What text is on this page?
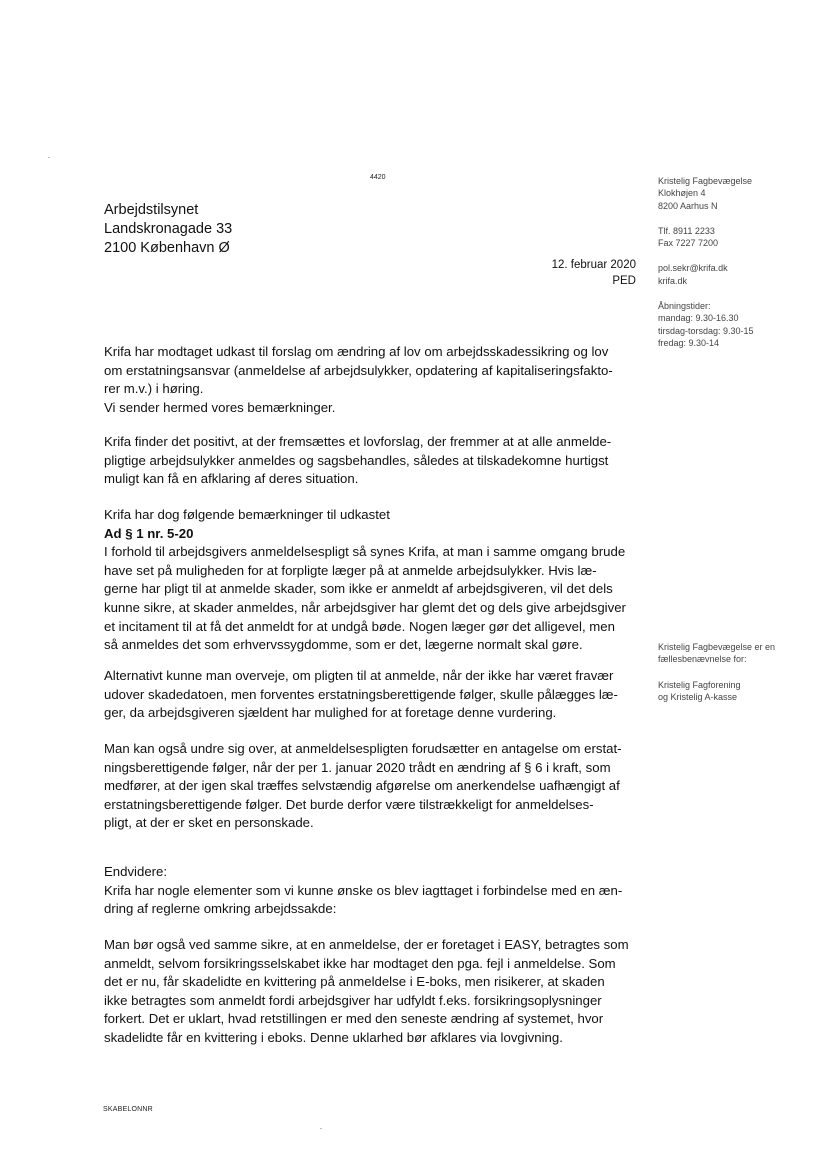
4420
Arbejdstilsynet
Landskronagade 33
2100 København Ø
12. februar 2020
PED
Kristelig Fagbevægelse
Klokhøjen 4
8200 Aarhus N
Tlf. 8911 2233
Fax 7227 7200
pol.sekr@krifa.dk
krifa.dk
Åbningstider:
mandag: 9.30-16.30
tirsdag-torsdag: 9.30-15
fredag: 9.30-14
Kristelig Fagbevægelse er en
fællesbenævnelse for:
Kristelig Fagforening
og Kristelig A-kasse
Krifa har modtaget udkast til forslag om ændring af lov om arbejdsskadessikring og lov
om erstatningsansvar (anmeldelse af arbejdsulykker, opdatering af kapitaliseringsfakto-
rer m.v.) i høring.
Vi sender hermed vores bemærkninger.
Krifa finder det positivt, at der fremsættes et lovforslag, der fremmer at at alle anmelde-
pligtige arbejdsulykker anmeldes og sagsbehandles, således at tilskadekomne hurtigst
muligt kan få en afklaring af deres situation.
Krifa har dog følgende bemærkninger til udkastet
Ad § 1 nr. 5-20
I forhold til arbejdsgivers anmeldelsespligt så synes Krifa, at man i samme omgang brude
have set på muligheden for at forpligte læger på at anmelde arbejdsulykker. Hvis læ-
gerne har pligt til at anmelde skader, som ikke er anmeldt af arbejdsgiveren, vil det dels
kunne sikre, at skader anmeldes, når arbejdsgiver har glemt det og dels give arbejdsgiver
et incitament til at få det anmeldt for at undgå bøde. Nogen læger gør det alligevel, men
så anmeldes det som erhvervssygdomme, som er det, lægerne normalt skal gøre.
Alternativt kunne man overveje, om pligten til at anmelde, når der ikke har været fravær
udover skadedatoen, men forventes erstatningsberettigende følger, skulle pålægges læ-
ger, da arbejdsgiveren sjældent har mulighed for at foretage denne vurdering.
Man kan også undre sig over, at anmeldelsespligten forudsætter en antagelse om erstat-
ningsberettigende følger, når der per 1. januar 2020 trådt en ændring af § 6 i kraft, som
medfører, at der igen skal træffes selvstændig afgørelse om anerkendelse uafhængigt af
erstatningsberettigende følger. Det burde derfor være tilstrækkeligt for anmeldelses-
pligt, at der er sket en personskade.
Endvidere:
Krifa har nogle elementer som vi kunne ønske os blev iagttaget i forbindelse med en æn-
dring af reglerne omkring arbejdssakde:
Man bør også ved samme sikre, at en anmeldelse, der er foretaget i EASY, betragtes som
anmeldt, selvom forsikringsselskabet ikke har modtaget den pga. fejl i anmeldelse. Som
det er nu, får skadelidte en kvittering på anmeldelse i E-boks, men risikerer, at skaden
ikke betragtes som anmeldt fordi arbejdsgiver har udfyldt f.eks. forsikringsoplysninger
forkert. Det er uklart, hvad retstillingen er med den seneste ændring af systemet, hvor
skadelidte får en kvittering i eboks. Denne uklarhed bør afklares via lovgivning.
SKABELONNR
